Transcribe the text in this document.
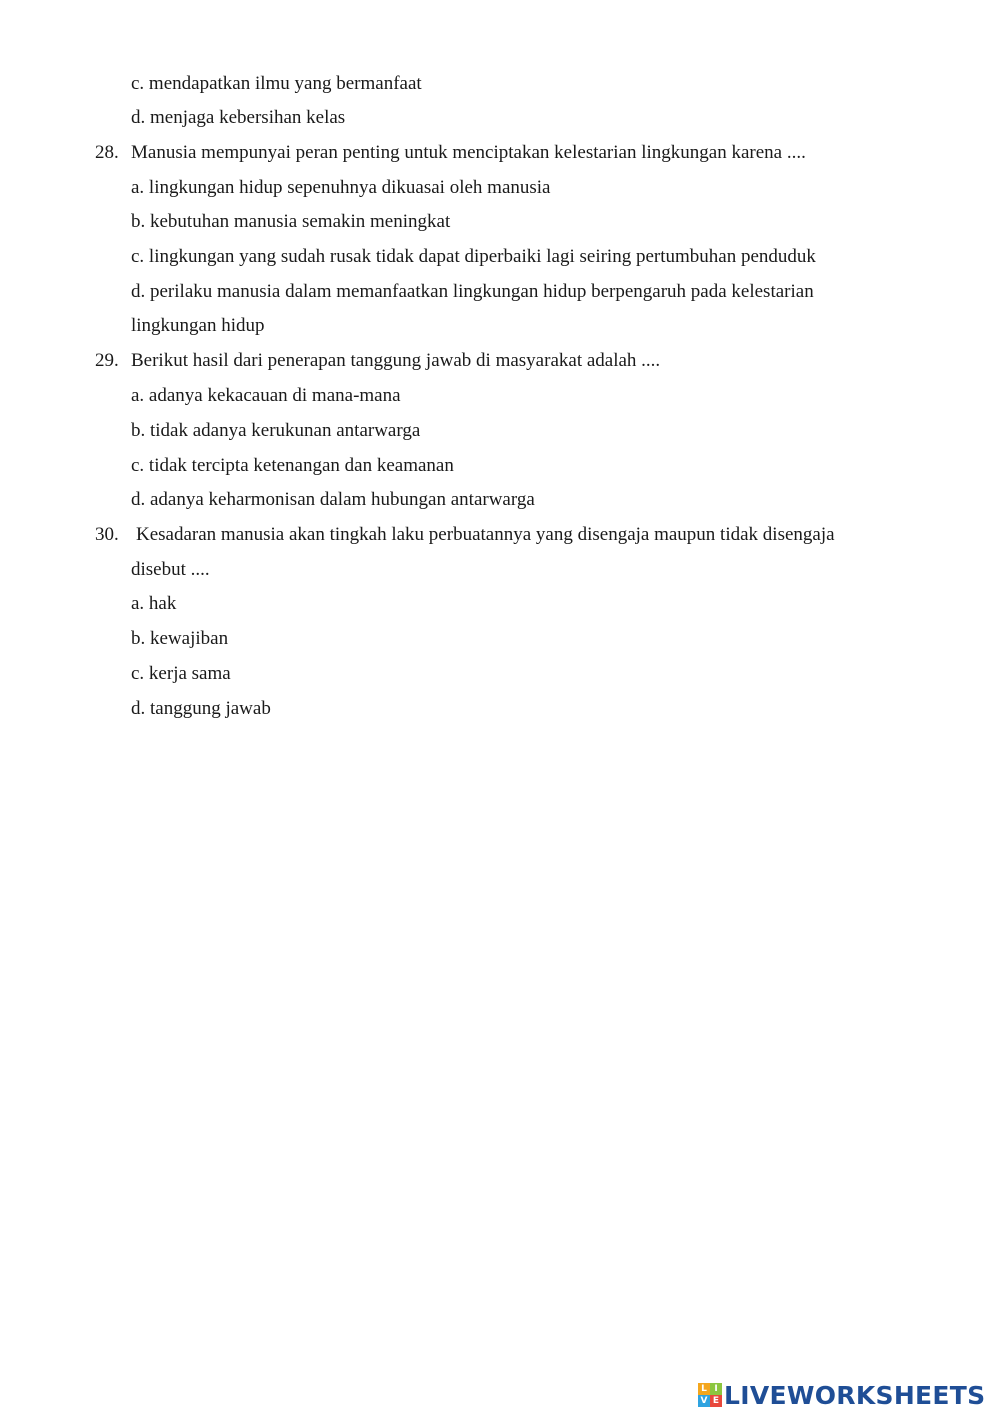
c. mendapatkan ilmu yang bermanfaat
d. menjaga kebersihan kelas
28. Manusia mempunyai peran penting untuk menciptakan kelestarian lingkungan karena ....
a. lingkungan hidup sepenuhnya dikuasai oleh manusia
b. kebutuhan manusia semakin meningkat
c. lingkungan yang sudah rusak tidak dapat diperbaiki lagi seiring pertumbuhan penduduk
d. perilaku manusia dalam memanfaatkan lingkungan hidup berpengaruh pada kelestarian
lingkungan hidup
29. Berikut hasil dari penerapan tanggung jawab di masyarakat adalah ....
a. adanya kekacauan di mana-mana
b. tidak adanya kerukunan antarwarga
c. tidak tercipta ketenangan dan keamanan
d. adanya keharmonisan dalam hubungan antarwarga
30. Kesadaran manusia akan tingkah laku perbuatannya yang disengaja maupun tidak disengaja
disebut ....
a. hak
b. kewajiban
c. kerja sama
d. tanggung jawab
L I
V E LIVEWORKSHEETS
